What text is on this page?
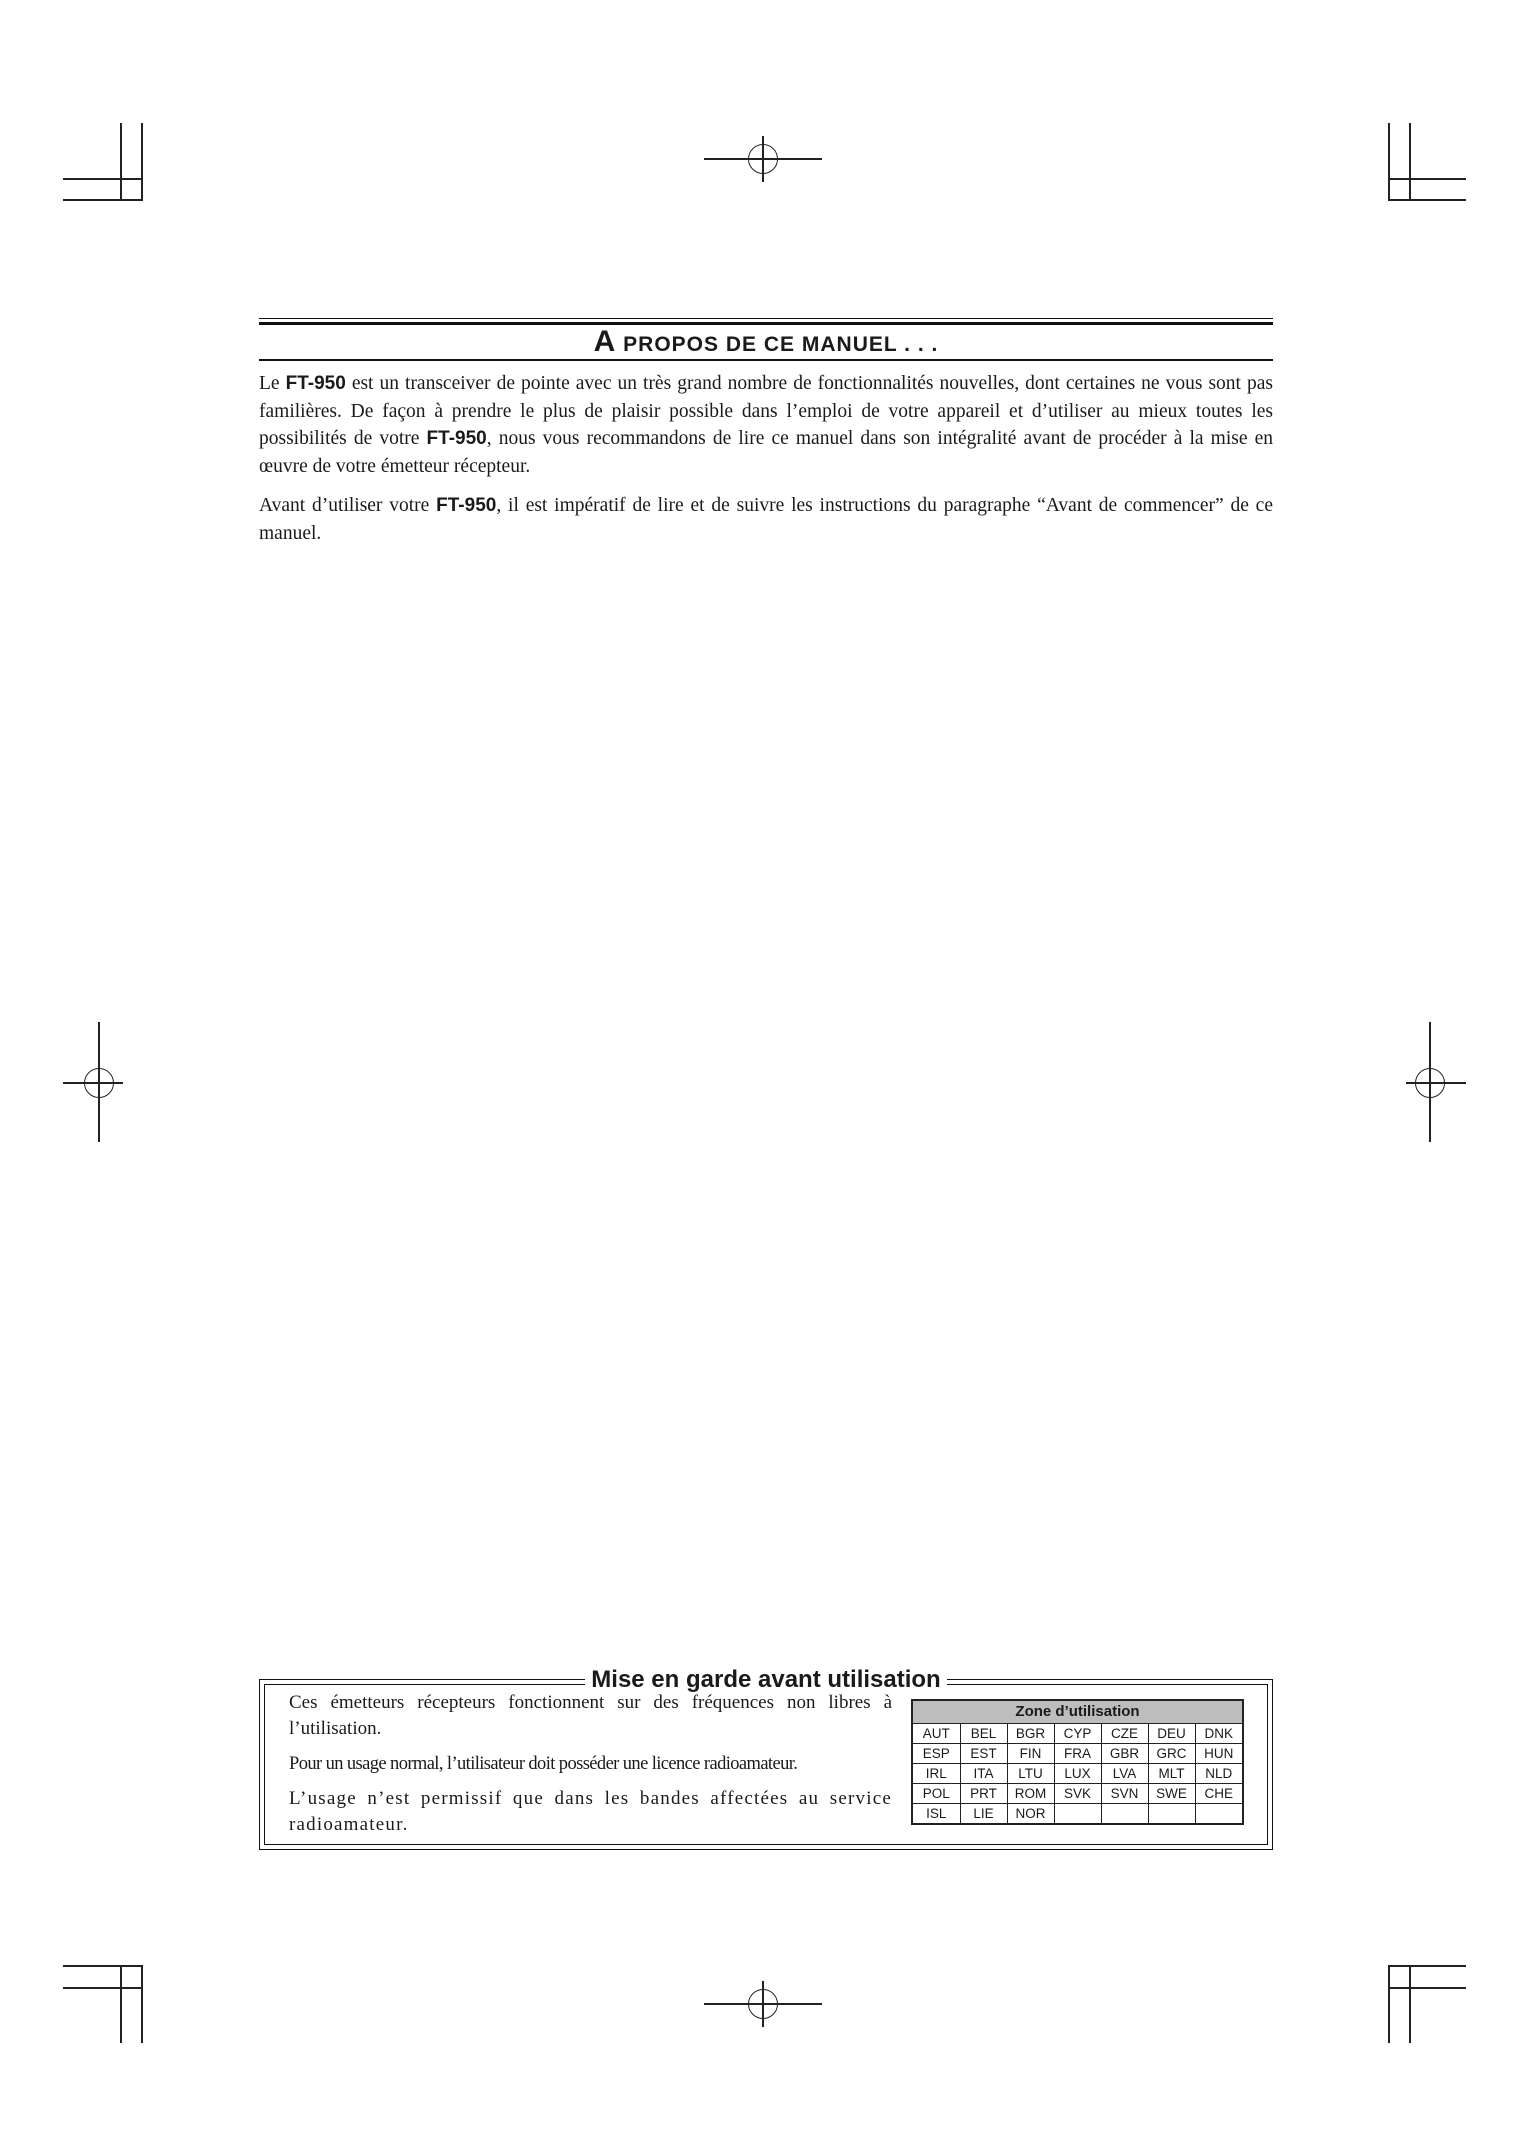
A PROPOS DE CE MANUEL . . .

Le FT-950 est un transceiver de pointe avec un très grand nombre de fonctionnalités nouvelles, dont certaines ne vous sont pas familières. De façon à prendre le plus de plaisir possible dans l’emploi de votre appareil et d’utiliser au mieux toutes les possibilités de votre FT-950, nous vous recommandons de lire ce manuel dans son intégralité avant de procéder à la mise en œuvre de votre émetteur récepteur.

Avant d’utiliser votre FT-950, il est impératif de lire et de suivre les instructions du paragraphe “Avant de commencer” de ce manuel.

Mise en garde avant utilisation

Ces émetteurs récepteurs fonctionnent sur des fréquences non libres à l’utilisation.

Pour un usage normal, l’utilisateur doit posséder une licence radioamateur.

L’usage n’est permissif que dans les bandes affectées au service radioamateur.

Zone d’utilisation
AUT	BEL	BGR	CYP	CZE	DEU	DNK
ESP	EST	FIN	FRA	GBR	GRC	HUN
IRL	ITA	LTU	LUX	LVA	MLT	NLD
POL	PRT	ROM	SVK	SVN	SWE	CHE
ISL	LIE	NOR				
